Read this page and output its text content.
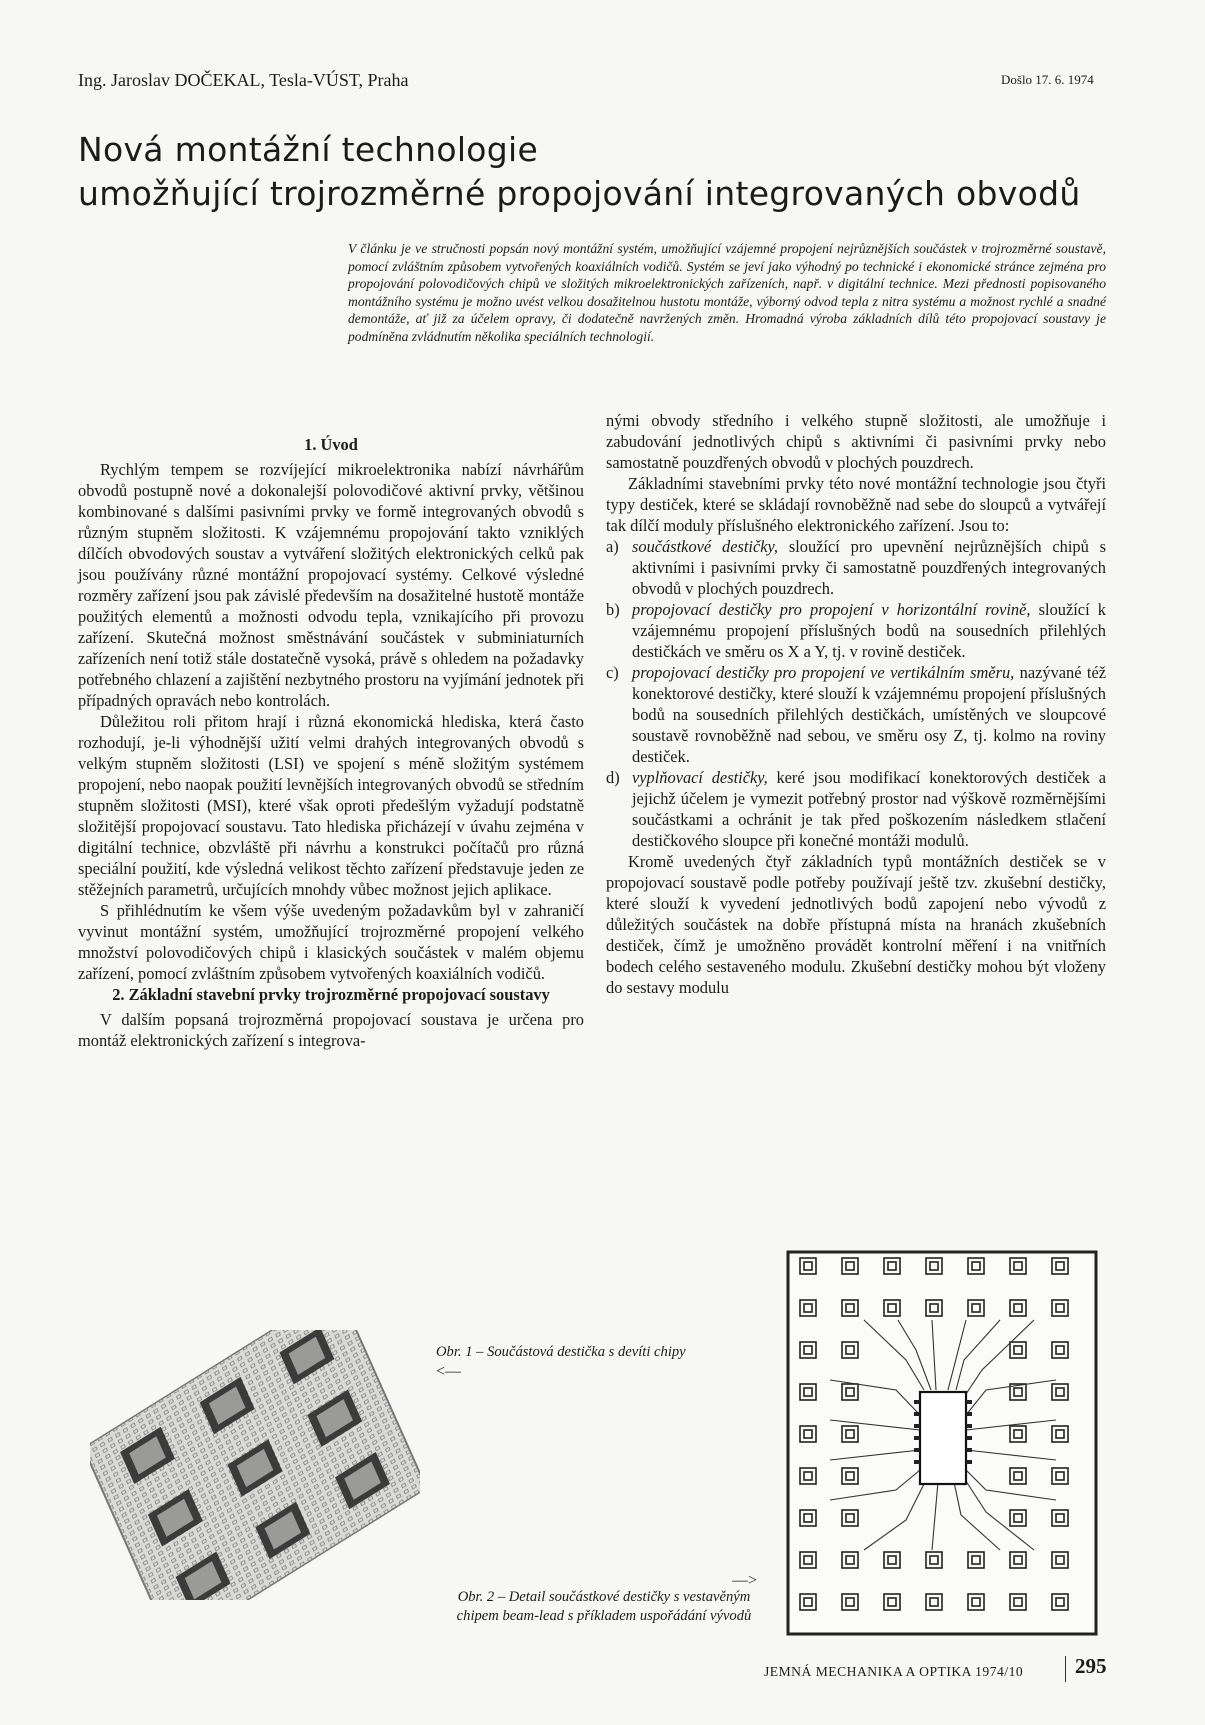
Ing. Jaroslav DOČEKAL, Tesla-VÚST, Praha	Došlo 17. 6. 1974
Nová montážní technologie
umožňující trojrozměrné propojování integrovaných obvodů
V článku je ve stručnosti popsán nový montážní systém, umožňující vzájemné propojení nejrůznějších součástek v trojrozměrné soustavě, pomocí zvláštním způsobem vytvořených koaxiálních vodičů. Systém se jeví jako výhodný po technické i ekonomické stránce zejména pro propojování polovodičových chipů ve složitých mikroelektronických zařízeních, např. v digitální technice. Mezi přednosti popisovaného montážního systému je možno uvést velkou dosažitelnou hustotu montáže, výborný odvod tepla z nitra systému a možnost rychlé a snadné demontáže, ať již za účelem opravy, či dodatečně navržených změn. Hromadná výroba základních dílů této propojovací soustavy je podmíněna zvládnutím několika speciálních technologií.
1. Úvod

Rychlým tempem se rozvíjející mikroelektronika nabízí návrhářům obvodů postupně nové a dokonalejší polovodičové aktivní prvky, většinou kombinované s dalšími pasivními prvky ve formě integrovaných obvodů s různým stupněm složitosti. K vzájemnému propojování takto vzniklých dílčích obvodových soustav a vytváření složitých elektronických celků pak jsou používány různé montážní propojovací systémy. Celkové výsledné rozměry zařízení jsou pak závislé především na dosažitelné hustotě montáže použitých elementů a možnosti odvodu tepla, vznikajícího při provozu zařízení. Skutečná možnost směstnávání součástek v subminiaturních zařízeních není totiž stále dostatečně vysoká, právě s ohledem na požadavky potřebného chlazení a zajištění nezbytného prostoru na vyjímání jednotek při případných opravách nebo kontrolách.

Důležitou roli přitom hrají i různá ekonomická hlediska, která často rozhodují, je-li výhodnější užití velmi drahých integrovaných obvodů s velkým stupněm složitosti (LSI) ve spojení s méně složitým systémem propojení, nebo naopak použití levnějších integrovaných obvodů se středním stupněm složitosti (MSI), které však oproti předešlým vyžadují podstatně složitější propojovací soustavu. Tato hlediska přicházejí v úvahu zejména v digitální technice, obzvláště při návrhu a konstrukci počítačů pro různá speciální použití, kde výsledná velikost těchto zařízení představuje jeden ze stěžejních parametrů, určujících mnohdy vůbec možnost jejich aplikace.

S přihlédnutím ke všem výše uvedeným požadavkům byl v zahraničí vyvinut montážní systém, umožňující trojrozměrné propojení velkého množství polovodičových chipů i klasických součástek v malém objemu zařízení, pomocí zvláštním způsobem vytvořených koaxiálních vodičů.

2. Základní stavební prvky trojrozměrné propojovací soustavy

V dalším popsaná trojrozměrná propojovací soustava je určena pro montáž elektronických zařízení s integrova-

nými obvody středního i velkého stupně složitosti, ale umožňuje i zabudování jednotlivých chipů s aktivními či pasivními prvky nebo samostatně pouzdřených obvodů v plochých pouzdrech.

Základními stavebními prvky této nové montážní technologie jsou čtyři typy destiček, které se skládají rovnoběžně nad sebe do sloupců a vytvářejí tak dílčí moduly příslušného elektronického zařízení. Jsou to:

a) součástkové destičky, sloužící pro upevnění nejrůznějších chipů s aktivními i pasivními prvky či samostatně pouzdřených integrovaných obvodů v plochých pouzdrech.
b) propojovací destičky pro propojení v horizontální rovině, sloužící k vzájemnému propojení příslušných bodů na sousedních přilehlých destičkách ve směru os X a Y, tj. v rovině destiček.
c) propojovací destičky pro propojení ve vertikálním směru, nazývané též konektorové destičky, které slouží k vzájemnému propojení příslušných bodů na sousedních přilehlých destičkách, umístěných ve sloupcové soustavě rovnoběžně nad sebou, ve směru osy Z, tj. kolmo na roviny destiček.
d) vyplňovací destičky, keré jsou modifikací konektorových destiček a jejichž účelem je vymezit potřebný prostor nad výškově rozměrnějšími součástkami a ochránit je tak před poškozením následkem stlačení destičkového sloupce při konečné montáži modulů.

Kromě uvedených čtyř základních typů montážních destiček se v propojovací soustavě podle potřeby používají ještě tzv. zkušební destičky, které slouží k vyvedení jednotlivých bodů zapojení nebo vývodů z důležitých součástek na dobře přístupná místa na hranách zkušebních destiček, čímž je umožněno provádět kontrolní měření i na vnitřních bodech celého sestaveného modulu. Zkušební destičky mohou být vloženy do sestavy modulu

Obr. 1 – Součástová destička s devíti chipy
<—
—>
Obr. 2 – Detail součástkové destičky s vestavěným chipem beam-lead s příkladem uspořádání vývodů
JEMNÁ MECHANIKA A OPTIKA 1974/10 295
